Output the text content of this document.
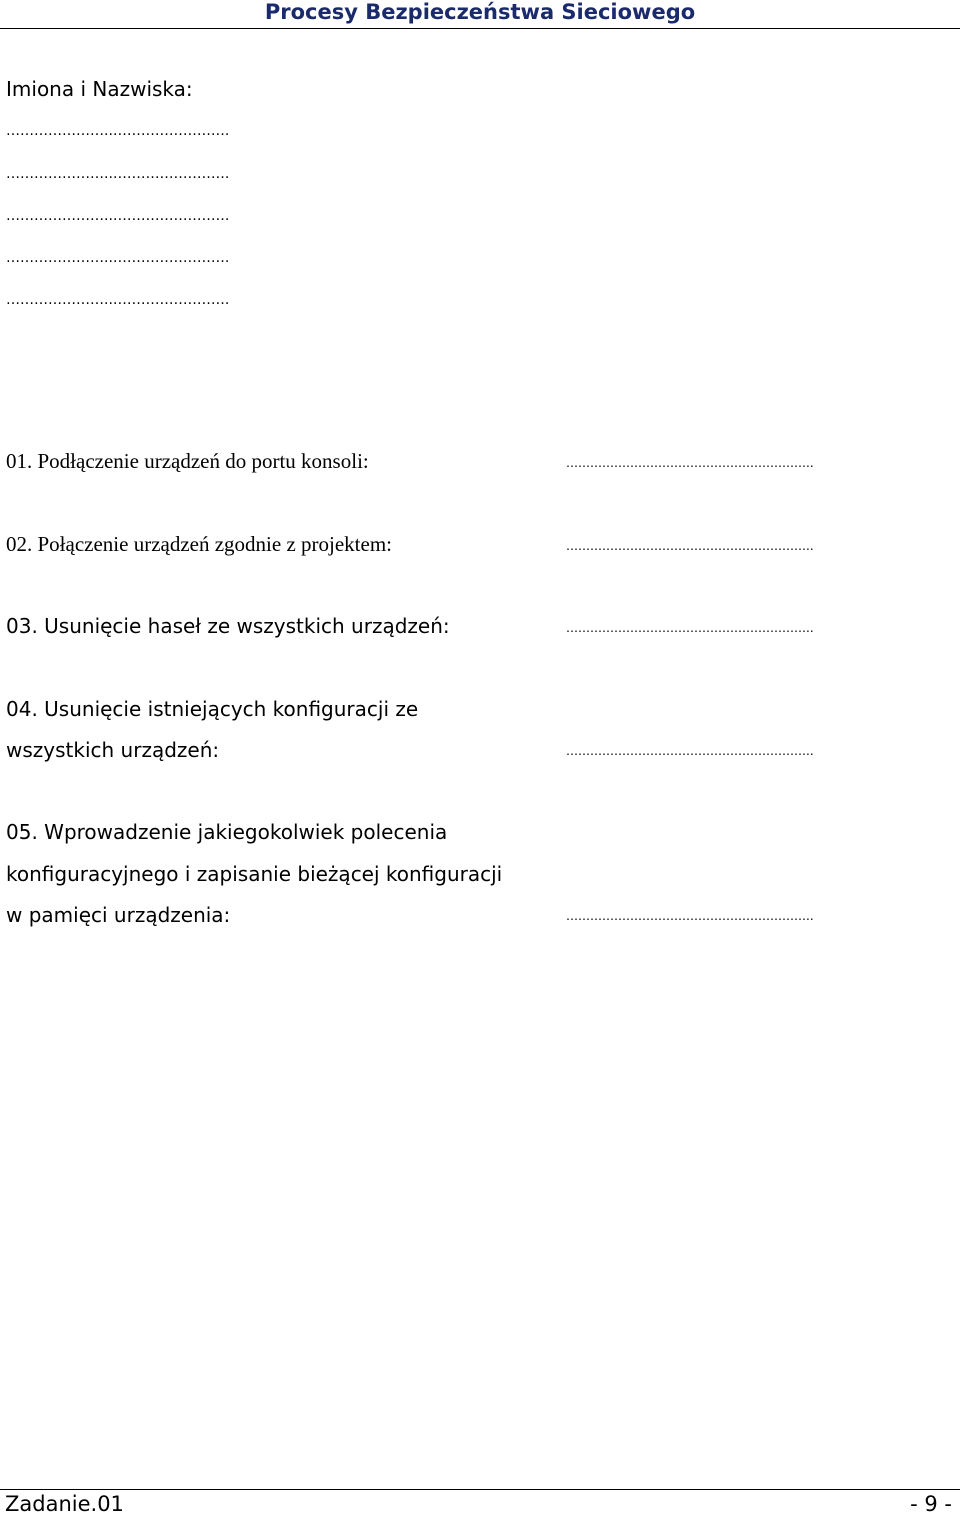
Procesy Bezpieczeństwa Sieciowego
Imiona i Nazwiska:
…………………..…………………….
…………………..…………………….
…………………..…………………….
…………………..…………………….
…………………..…………………….
01. Podłączenie urządzeń do portu konsoli:	……………………………………………………..
02. Połączenie urządzeń zgodnie z projektem:	……………………………………………………..
03. Usunięcie haseł ze wszystkich urządzeń:	……………………………………………………..
04. Usunięcie istniejących konfiguracji ze
wszystkich urządzeń:	……………………………………………………..
05. Wprowadzenie jakiegokolwiek polecenia
konfiguracyjnego i zapisanie bieżącej konfiguracji
w pamięci urządzenia:	……………………………………………………..
Zadanie.01	- 9 -
